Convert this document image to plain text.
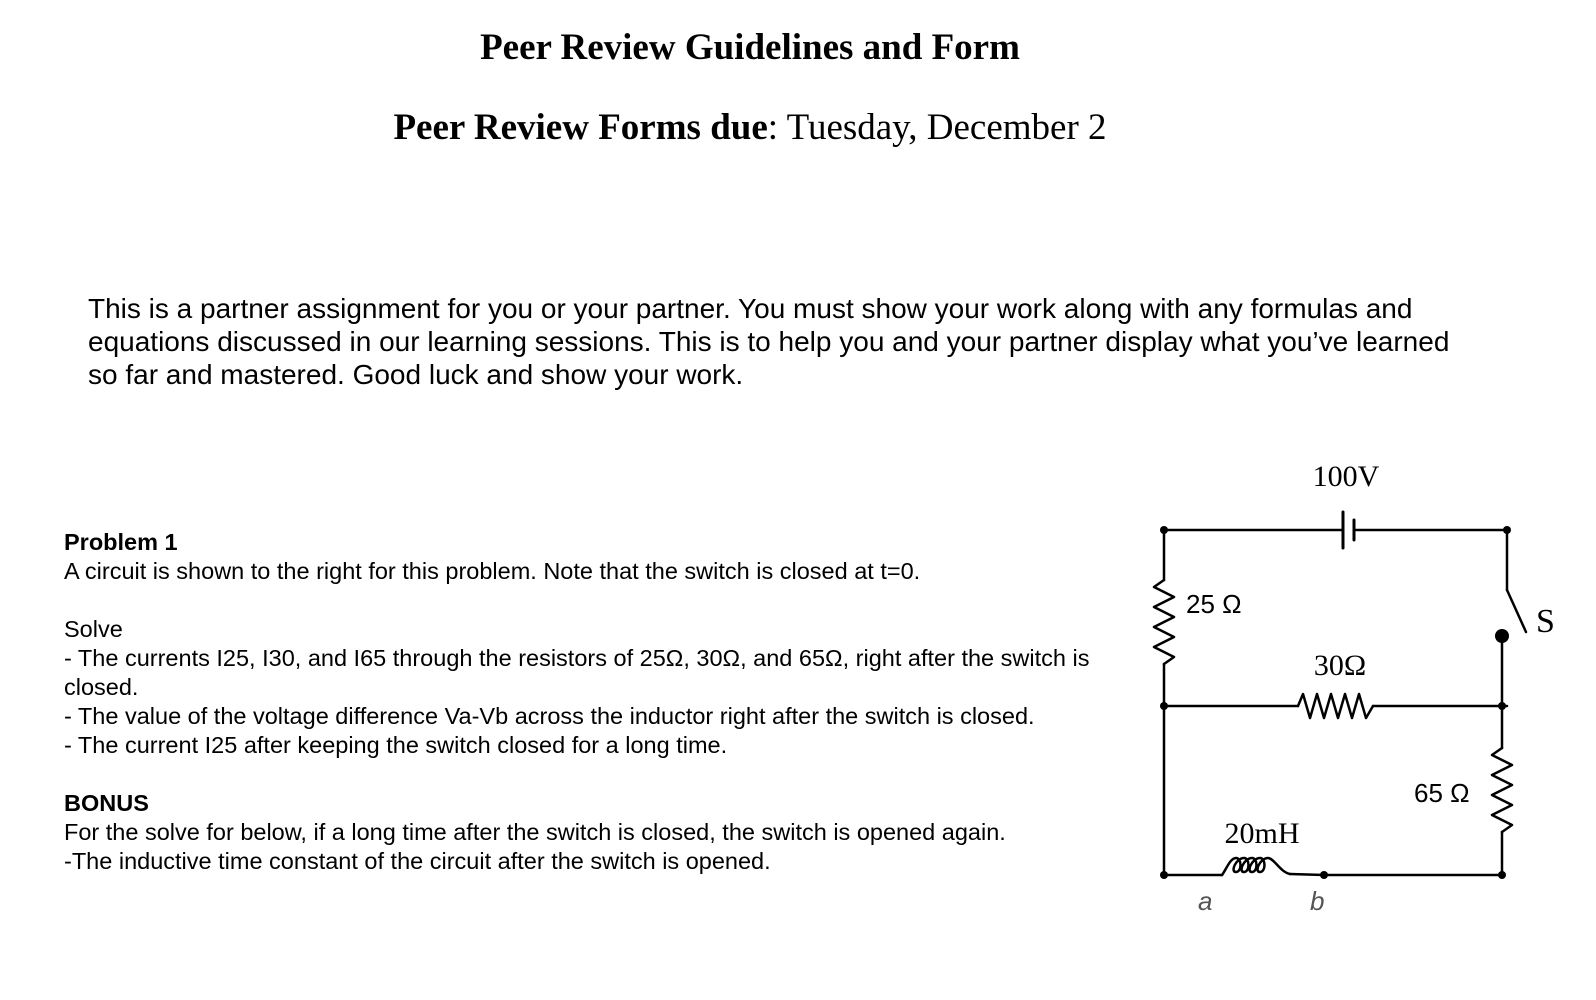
Peer Review Guidelines and Form

Peer Review Forms due: Tuesday, December 2

This is a partner assignment for you or your partner. You must show your work along with any formulas and equations discussed in our learning sessions. This is to help you and your partner display what you’ve learned so far and mastered. Good luck and show your work.

Problem 1

A circuit is shown to the right for this problem. Note that the switch is closed at t=0.

Solve

- The currents I25, I30, and I65 through the resistors of 25Ω, 30Ω, and 65Ω, right after the switch is closed.

- The value of the voltage difference Va-Vb across the inductor right after the switch is closed.

- The current I25 after keeping the switch closed for a long time.

BONUS

For the solve for below, if a long time after the switch is closed, the switch is opened again.

-The inductive time constant of the circuit after the switch is opened.

100V
25 Ω
30Ω
65 Ω
20mH
a	b
S
